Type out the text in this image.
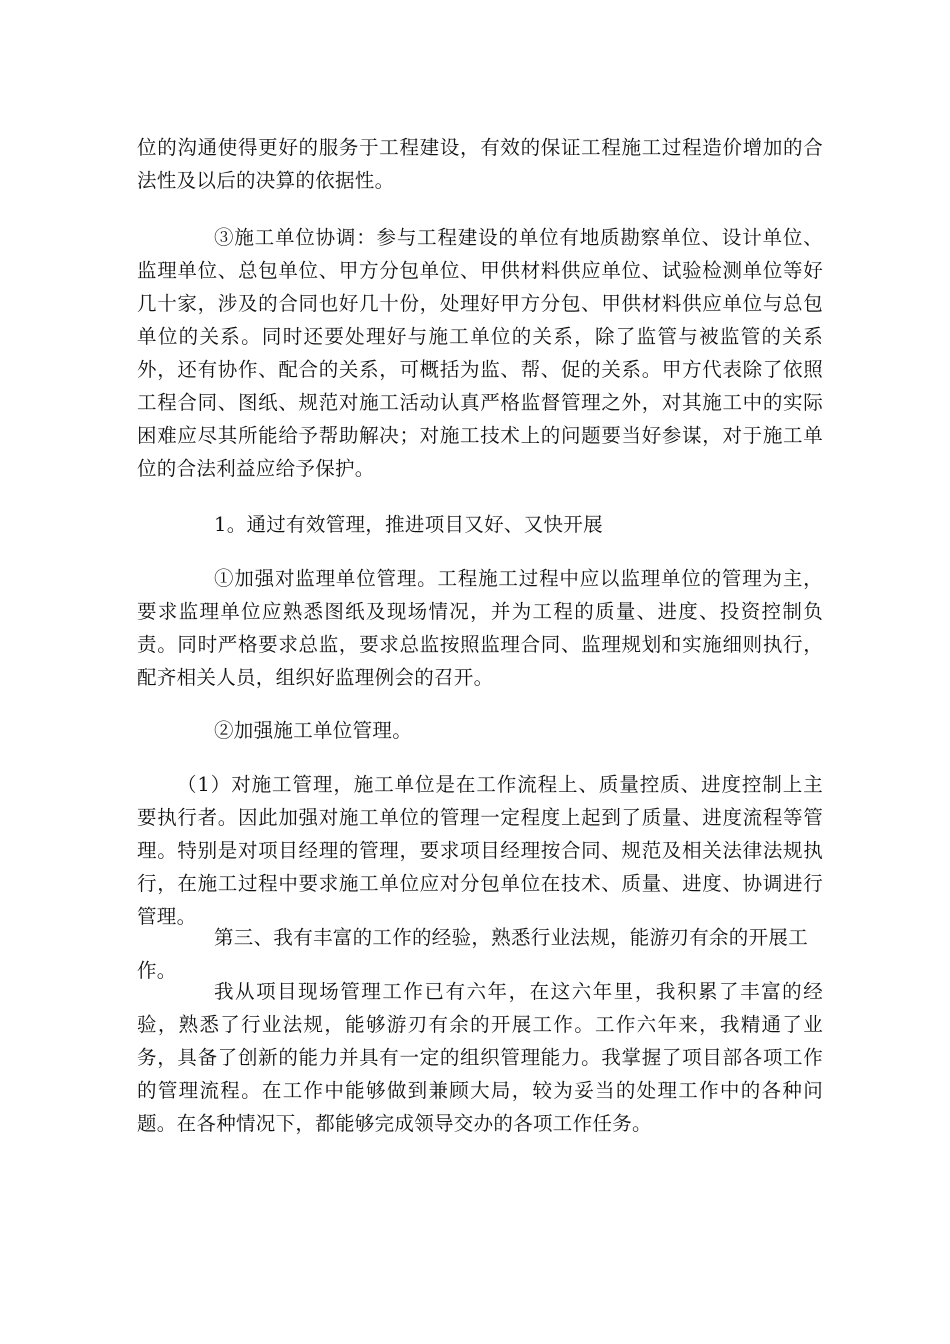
位的沟通使得更好的服务于工程建设，有效的保证工程施工过程造价增加的合法性及以后的决算的依据性。

③施工单位协调：参与工程建设的单位有地质勘察单位、设计单位、监理单位、总包单位、甲方分包单位、甲供材料供应单位、试验检测单位等好几十家，涉及的合同也好几十份，处理好甲方分包、甲供材料供应单位与总包单位的关系。同时还要处理好与施工单位的关系，除了监管与被监管的关系外，还有协作、配合的关系，可概括为监、帮、促的关系。甲方代表除了依照工程合同、图纸、规范对施工活动认真严格监督管理之外，对其施工中的实际困难应尽其所能给予帮助解决；对施工技术上的问题要当好参谋，对于施工单位的合法利益应给予保护。

1。通过有效管理，推进项目又好、又快开展

①加强对监理单位管理。工程施工过程中应以监理单位的管理为主，要求监理单位应熟悉图纸及现场情况，并为工程的质量、进度、投资控制负责。同时严格要求总监，要求总监按照监理合同、监理规划和实施细则执行，配齐相关人员，组织好监理例会的召开。

②加强施工单位管理。

（1）对施工管理，施工单位是在工作流程上、质量控质、进度控制上主要执行者。因此加强对施工单位的管理一定程度上起到了质量、进度流程等管理。特别是对项目经理的管理，要求项目经理按合同、规范及相关法律法规执行，在施工过程中要求施工单位应对分包单位在技术、质量、进度、协调进行管理。

第三、我有丰富的工作的经验，熟悉行业法规，能游刃有余的开展工作。

我从项目现场管理工作已有六年，在这六年里，我积累了丰富的经验，熟悉了行业法规，能够游刃有余的开展工作。工作六年来，我精通了业务，具备了创新的能力并具有一定的组织管理能力。我掌握了项目部各项工作的管理流程。在工作中能够做到兼顾大局，较为妥当的处理工作中的各种问题。在各种情况下，都能够完成领导交办的各项工作任务。
